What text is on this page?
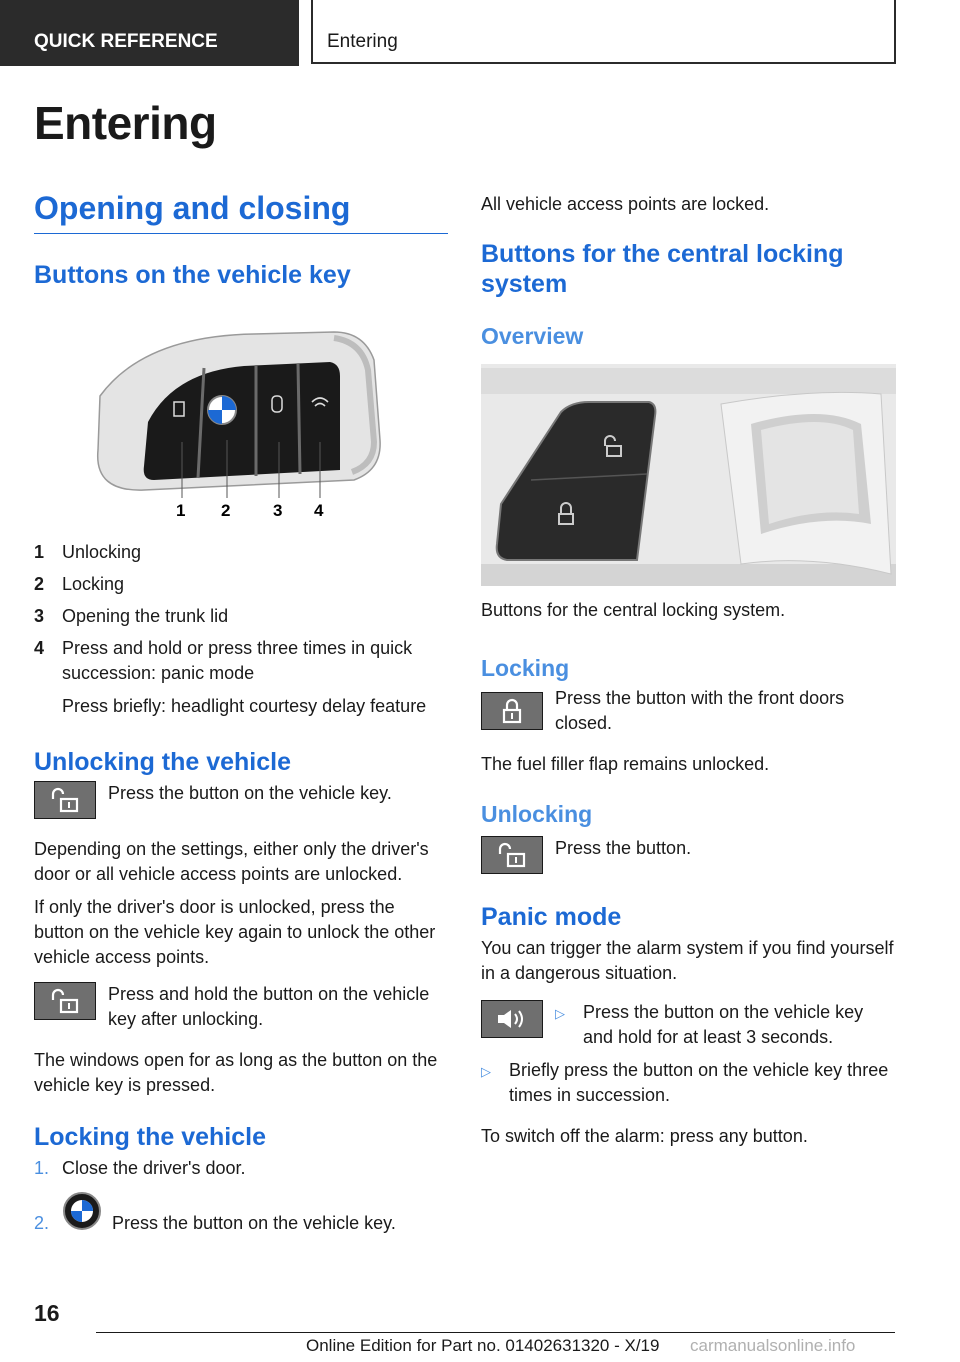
QUICK REFERENCE	Entering
Entering
Opening and closing
Buttons on the vehicle key
1 2	3 4
1 Unlocking
2 Locking
3 Opening the trunk lid
4 Press and hold or press three times in quick succession: panic mode
Press briefly: headlight courtesy delay feature
Unlocking the vehicle

Press the button on the vehicle key.

Depending on the settings, either only the driver's door or all vehicle access points are unlocked.

If only the driver's door is unlocked, press the button on the vehicle key again to unlock the other vehicle access points.

Press and hold the button on the vehicle key after unlocking.

The windows open for as long as the button on the vehicle key is pressed.

Locking the vehicle
1. Close the driver's door.
2.	Press the button on the vehicle key.

All vehicle access points are locked.

Buttons for the central locking system
Overview

Buttons for the central locking system.

Locking

Press the button with the front doors closed.

The fuel filler flap remains unlocked.

Unlocking

Press the button.

Panic mode

You can trigger the alarm system if you find yourself in a dangerous situation.

▷ Press the button on the vehicle key and hold for at least 3 seconds.
▷ Briefly press the button on the vehicle key three times in succession.

To switch off the alarm: press any button.

16
Online Edition for Part no. 01402631320 - X/19 carmanualsonline.info
